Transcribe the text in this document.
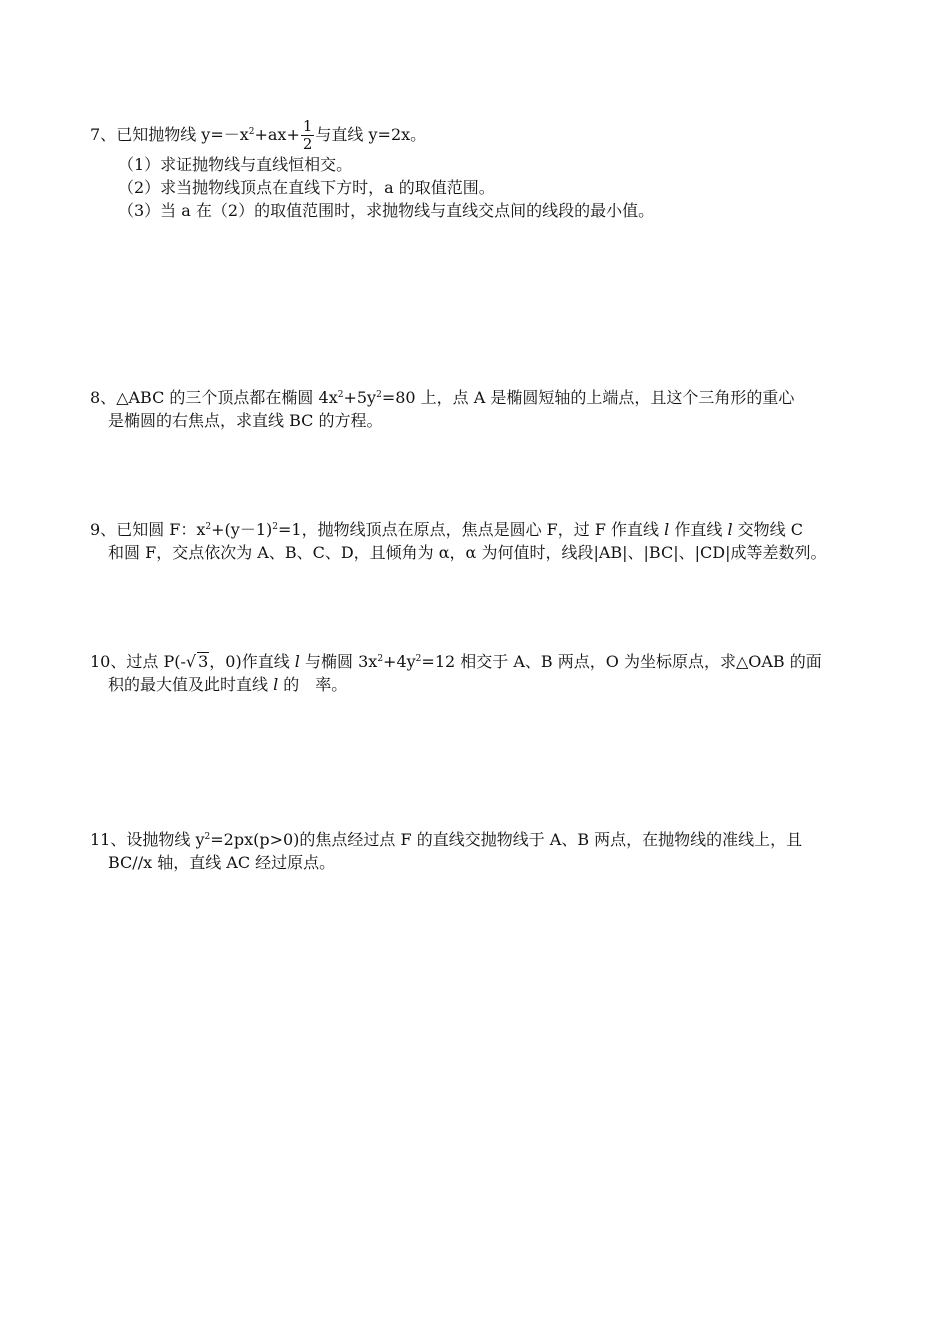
7、已知抛物线 $y=-x^2+ax+ \frac{1}{2}$ 与直线 y=2x。
（1）求证抛物线与直线恒相交。
（2）求当抛物线顶点在直线下方时，a 的取值范围。
（3）当 a 在（2）的取值范围时，求抛物线与直线交点间的线段的最小值。
8、△ABC 的三个顶点都在椭圆 $4x^2+5y^2=80$ 上，点 A 是椭圆短轴的上端点，且这个三角形的重心
是椭圆的右焦点，求直线 BC 的方程。
9、已知圆 F：$x^2+(y-1)^2=1$，抛物线顶点在原点，焦点是圆心 F，过 F 作直线 l 作直线 l 交物线 C
和圆 F，交点依次为 A、B、C、D，且倾角为 α，α 为何值时，线段|AB|、|BC|、|CD|成等差数列。
10、过点 P(-√ 3，0)作直线 l 与椭圆 $3x^2+4y^2=12$ 相交于 A、B 两点，O 为坐标原点，求△OAB 的面
积的最大值及此时直线 l 的　率。
11、设抛物线 $y^2=2px(p>0)$的焦点经过点 F 的直线交抛物线于 A、B 两点，在抛物线的准线上，且
BC//x 轴，直线 AC 经过原点。
